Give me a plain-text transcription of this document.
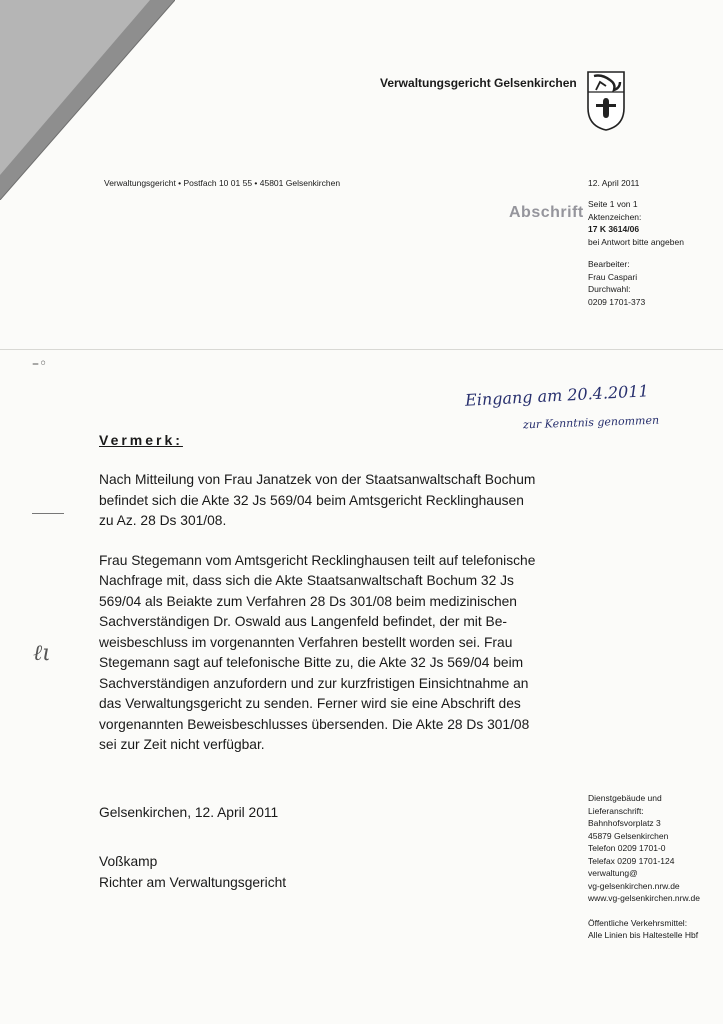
Verwaltungsgericht Gelsenkirchen
Verwaltungsgericht • Postfach 10 01 55 • 45801 Gelsenkirchen	12. April 2011
Abschrift Seite 1 von 1
Aktenzeichen:
17 K 3614/06
bei Antwort bitte angeben
Bearbeiter:
Frau Caspari
Durchwahl:
0209 1701-373
Eingang am 20.4.2011
zur Kenntnis genommen
–◦
ℓι
Vermerk:

Nach Mitteilung von Frau Janatzek von der Staatsanwaltschaft Bochum
befindet sich die Akte 32 Js 569/04 beim Amtsgericht Recklinghausen
zu Az. 28 Ds 301/08.

Frau Stegemann vom Amtsgericht Recklinghausen teilt auf telefonische
Nachfrage mit, dass sich die Akte Staatsanwaltschaft Bochum 32 Js
569/04 als Beiakte zum Verfahren 28 Ds 301/08 beim medizinischen
Sachverständigen Dr. Oswald aus Langenfeld befindet, der mit Be-
weisbeschluss im vorgenannten Verfahren bestellt worden sei. Frau
Stegemann sagt auf telefonische Bitte zu, die Akte 32 Js 569/04 beim
Sachverständigen anzufordern und zur kurzfristigen Einsichtnahme an
das Verwaltungsgericht zu senden. Ferner wird sie eine Abschrift des
vorgenannten Beweisbeschlusses übersenden. Die Akte 28 Ds 301/08
sei zur Zeit nicht verfügbar.

Gelsenkirchen, 12. April 2011
Voßkamp
Richter am Verwaltungsgericht
Dienstgebäude und
Lieferanschrift:
Bahnhofsvorplatz 3
45879 Gelsenkirchen
Telefon 0209 1701-0
Telefax 0209 1701-124
verwaltung@
vg-gelsenkirchen.nrw.de
www.vg-gelsenkirchen.nrw.de
Öffentliche Verkehrsmittel:
Alle Linien bis Haltestelle Hbf
